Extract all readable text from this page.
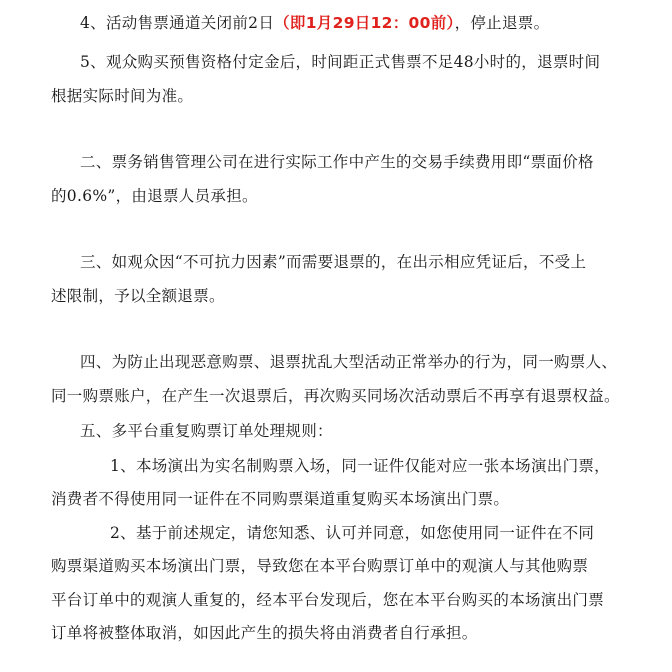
4、活动售票通道关闭前2日（即1月29日12：00前），停止退票。
5、观众购买预售资格付定金后，时间距正式售票不足48小时的，退票时间
根据实际时间为准。
二、票务销售管理公司在进行实际工作中产生的交易手续费用即“票面价格
的0.6%”，由退票人员承担。
三、如观众因“不可抗力因素”而需要退票的，在出示相应凭证后，不受上
述限制，予以全额退票。
四、为防止出现恶意购票、退票扰乱大型活动正常举办的行为，同一购票人、
同一购票账户，在产生一次退票后，再次购买同场次活动票后不再享有退票权益。
五、多平台重复购票订单处理规则：
1、本场演出为实名制购票入场，同一证件仅能对应一张本场演出门票，
消费者不得使用同一证件在不同购票渠道重复购买本场演出门票。
2、基于前述规定，请您知悉、认可并同意，如您使用同一证件在不同
购票渠道购买本场演出门票，导致您在本平台购票订单中的观演人与其他购票
平台订单中的观演人重复的，经本平台发现后，您在本平台购买的本场演出门票
订单将被整体取消，如因此产生的损失将由消费者自行承担。
